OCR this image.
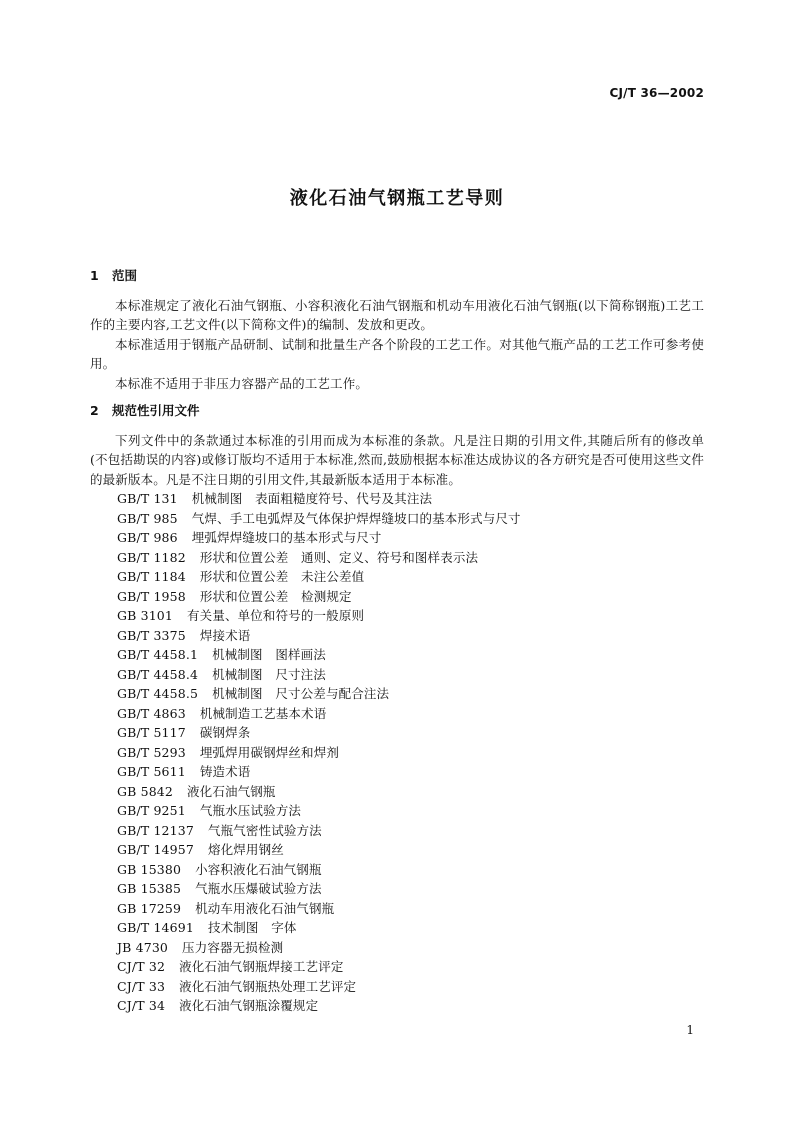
CJ/T 36—2002
液化石油气钢瓶工艺导则
1 范围

本标准规定了液化石油气钢瓶、小容积液化石油气钢瓶和机动车用液化石油气钢瓶(以下简称钢瓶)工艺工作的主要内容,工艺文件(以下简称文件)的编制、发放和更改。

本标准适用于钢瓶产品研制、试制和批量生产各个阶段的工艺工作。对其他气瓶产品的工艺工作可参考使用。

本标准不适用于非压力容器产品的工艺工作。

2 规范性引用文件

下列文件中的条款通过本标准的引用而成为本标准的条款。凡是注日期的引用文件,其随后所有的修改单(不包括勘误的内容)或修订版均不适用于本标准,然而,鼓励根据本标准达成协议的各方研究是否可使用这些文件的最新版本。凡是不注日期的引用文件,其最新版本适用于本标准。

GB/T 131 机械制图　表面粗糙度符号、代号及其注法
GB/T 985 气焊、手工电弧焊及气体保护焊焊缝坡口的基本形式与尺寸
GB/T 986 埋弧焊焊缝坡口的基本形式与尺寸
GB/T 1182 形状和位置公差　通则、定义、符号和图样表示法
GB/T 1184 形状和位置公差　未注公差值
GB/T 1958 形状和位置公差　检测规定
GB 3101 有关量、单位和符号的一般原则
GB/T 3375 焊接术语
GB/T 4458.1 机械制图　图样画法
GB/T 4458.4 机械制图　尺寸注法
GB/T 4458.5 机械制图　尺寸公差与配合注法
GB/T 4863 机械制造工艺基本术语
GB/T 5117 碳钢焊条
GB/T 5293 埋弧焊用碳钢焊丝和焊剂
GB/T 5611 铸造术语
GB 5842 液化石油气钢瓶
GB/T 9251 气瓶水压试验方法
GB/T 12137 气瓶气密性试验方法
GB/T 14957 熔化焊用钢丝
GB 15380 小容积液化石油气钢瓶
GB 15385 气瓶水压爆破试验方法
GB 17259 机动车用液化石油气钢瓶
GB/T 14691 技术制图　字体
JB 4730 压力容器无损检测
CJ/T 32 液化石油气钢瓶焊接工艺评定
CJ/T 33 液化石油气钢瓶热处理工艺评定
CJ/T 34 液化石油气钢瓶涂覆规定
1
